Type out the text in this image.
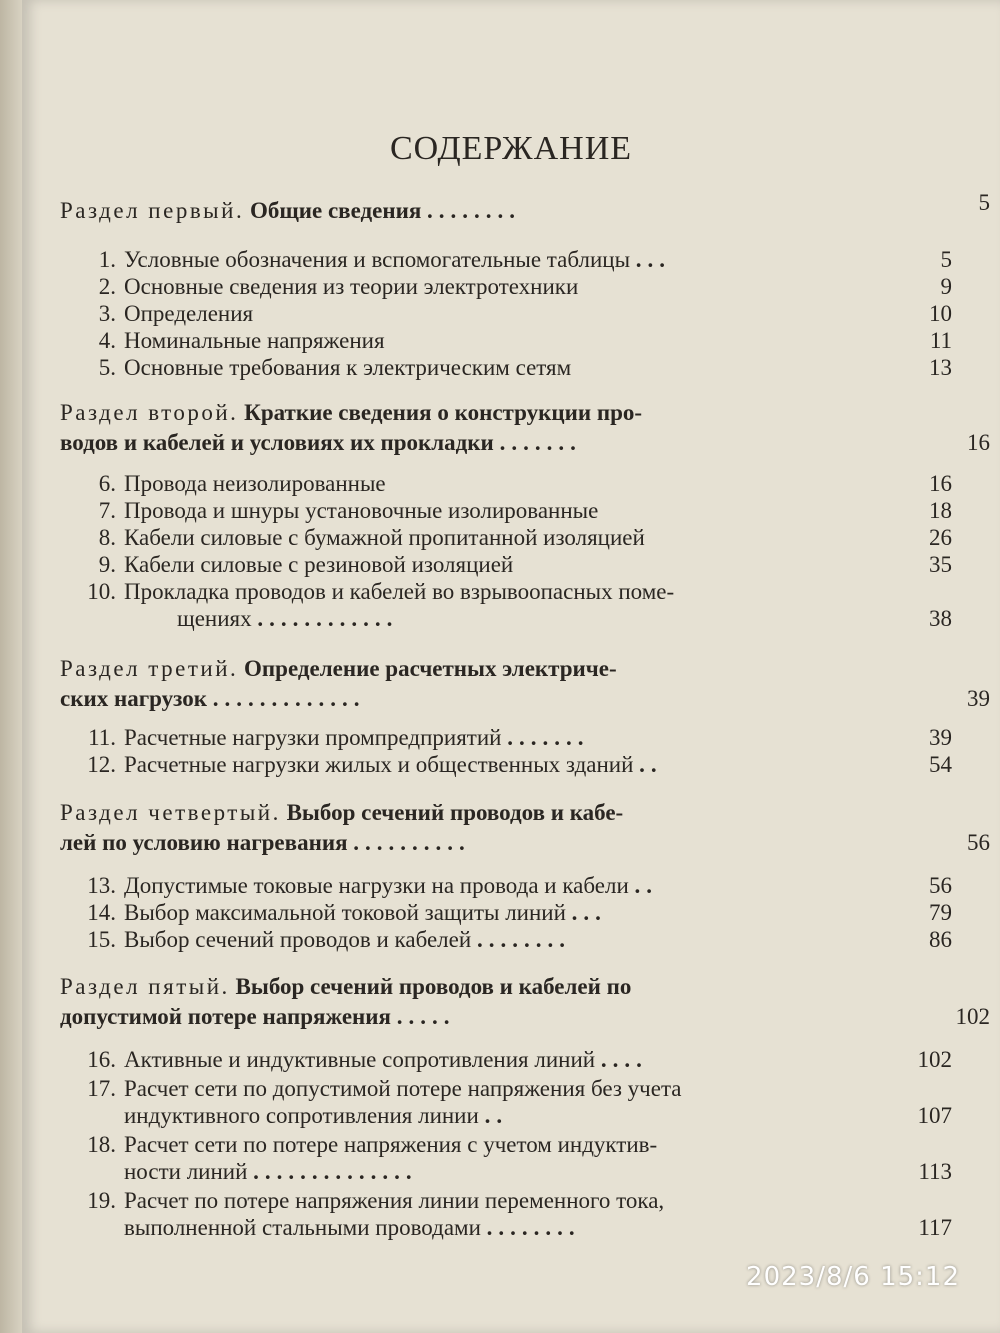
СОДЕРЖАНИЕ
Раздел первый. Общие сведения ........	5
1. Условные обозначения и вспомогательные таблицы ...	5
2. Основные сведения из теории электротехники	9
3. Определения	10
4. Номинальные напряжения	11
5. Основные требования к электрическим сетям	13
Раздел второй. Краткие сведения о конструкции про-
водов и кабелей и условиях их прокладки .......	16
6. Провода неизолированные	16
7. Провода и шнуры установочные изолированные	18
8. Кабели силовые с бумажной пропитанной изоляцией	26
9. Кабели силовые с резиновой изоляцией	35
10. Прокладка проводов и кабелей во взрывоопасных поме-
щениях ............	38
Раздел третий. Определение расчетных электриче-
ских нагрузок .............	39
11. Расчетные нагрузки промпредприятий .......	39
12. Расчетные нагрузки жилых и общественных зданий ..	54
Раздел четвертый. Выбор сечений проводов и кабе-
лей по условию нагревания ..........	56
13. Допустимые токовые нагрузки на провода и кабели ..	56
14. Выбор максимальной токовой защиты линий ...	79
15. Выбор сечений проводов и кабелей ........	86
Раздел пятый. Выбор сечений проводов и кабелей по
допустимой потере напряжения .....	102
16. Активные и индуктивные сопротивления линий ....	102
17. Расчет сети по допустимой потере напряжения без учета
индуктивного сопротивления линии ..	107
18. Расчет сети по потере напряжения с учетом индуктив-
ности линий ..............	113
19. Расчет по потере напряжения линии переменного тока,
выполненной стальными проводами ........	117
2023/8/6 15:12
